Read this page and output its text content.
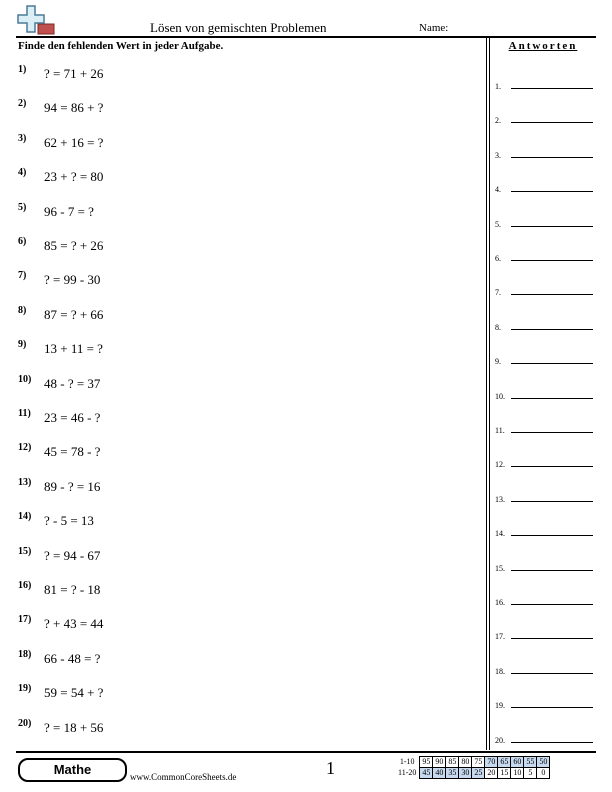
Lösen von gemischten Problemen	Name:
Finde den fehlenden Wert in jeder Aufgabe.	Antworten
1) ? = 71 + 26
2) 94 = 86 + ?
3) 62 + 16 = ?
4) 23 + ? = 80
5) 96 - 7 = ?
6) 85 = ? + 26
7) ? = 99 - 30
8) 87 = ? + 66
9) 13 + 11 = ?
10) 48 - ? = 37
11) 23 = 46 - ?
12) 45 = 78 - ?
13) 89 - ? = 16
14) ? - 5 = 13
15) ? = 94 - 67
16) 81 = ? - 18
17) ? + 43 = 44
18) 66 - 48 = ?
19) 59 = 54 + ?
20) ? = 18 + 56
1.
2.
3.
4.
5.
6.
7.
8.
9.
10.
11.
12.
13.
14.
15.
16.
17.
18.
19.
20.
Mathe	www.CommonCoreSheets.de	1	1-10	95	90	85	80	75	70	65	60	55	50
11-20	45	40	35	30	25	20	15	10	5	0
